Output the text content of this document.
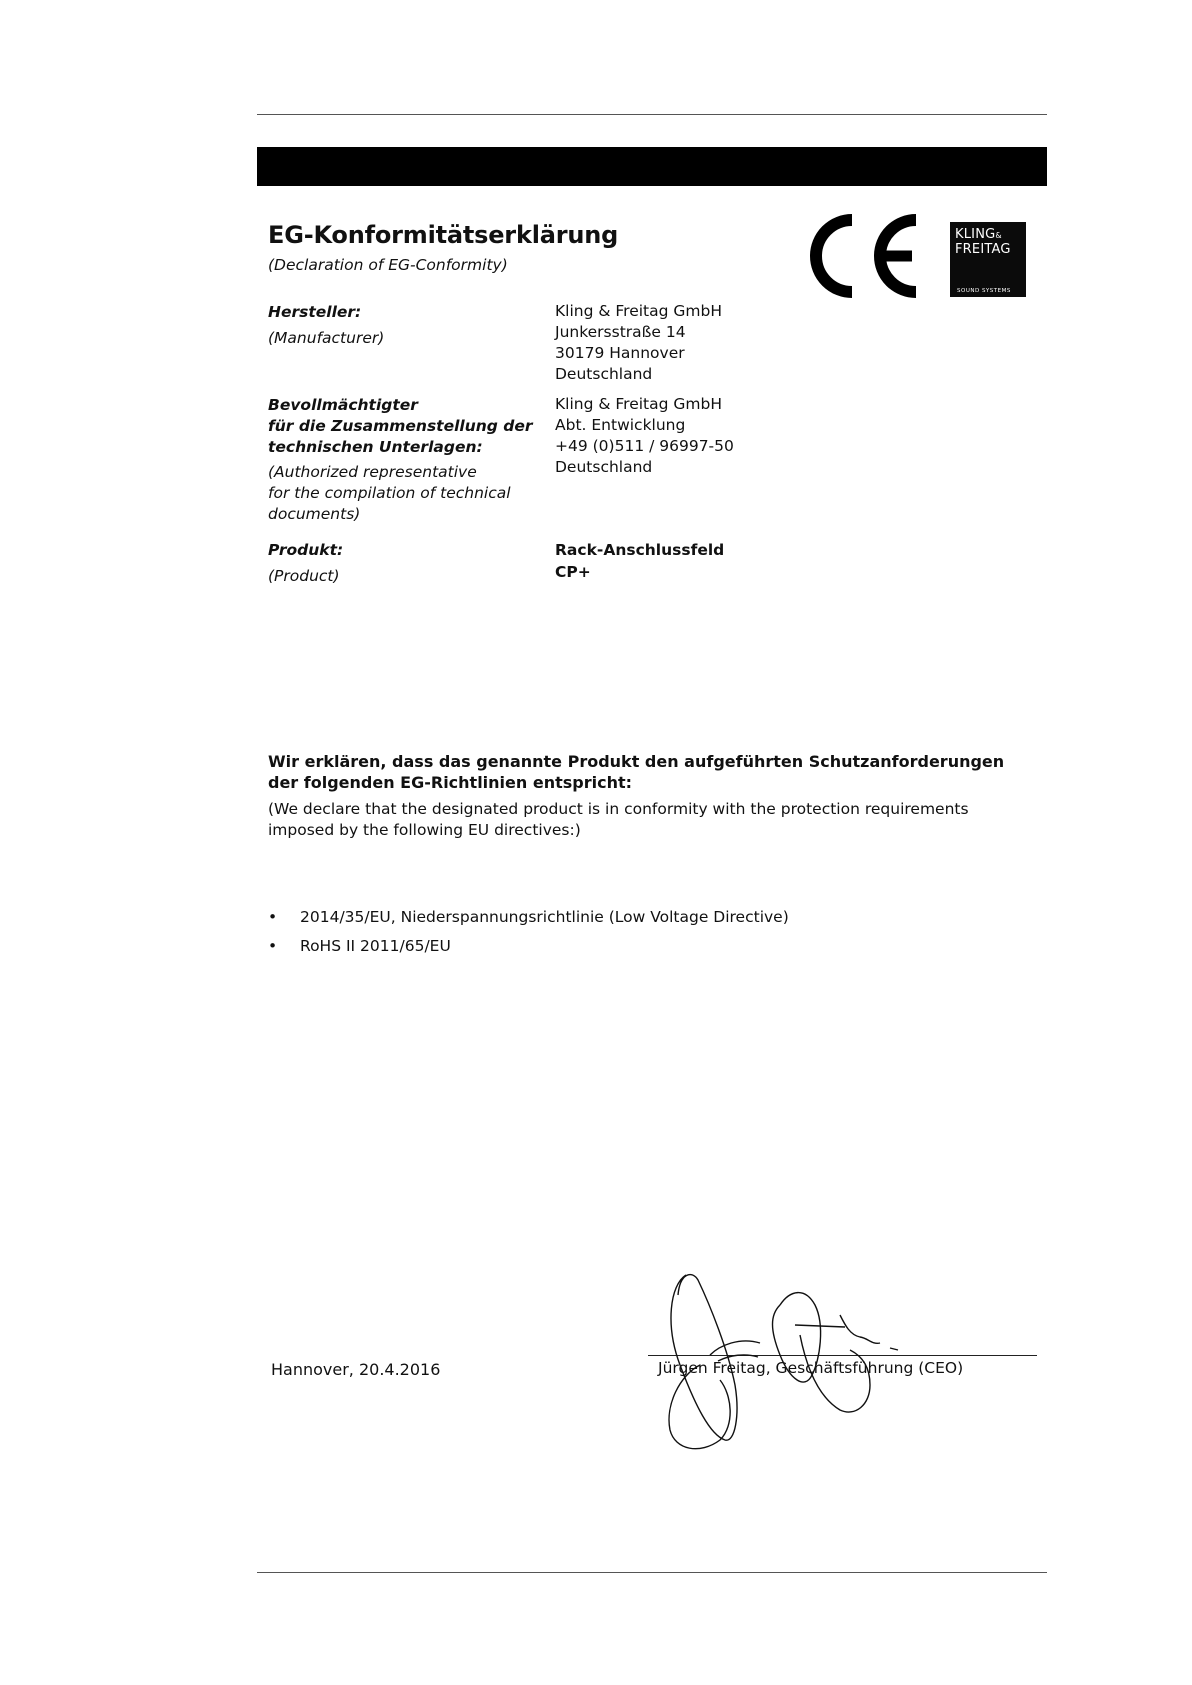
EG-Konformitätserklärung
(Declaration of EG-Conformity)
KLING&
FREITAG
SOUND SYSTEMS
Hersteller:
(Manufacturer)
Kling & Freitag GmbH
Junkersstraße 14
30179 Hannover
Deutschland
Bevollmächtigter
für die Zusammenstellung der
technischen Unterlagen:
(Authorized representative
for the compilation of technical
documents)
Kling & Freitag GmbH
Abt. Entwicklung
+49 (0)511 / 96997-50
Deutschland
Produkt:
(Product)
Rack-Anschlussfeld
CP+
Wir erklären, dass das genannte Produkt den aufgeführten Schutzanforderungen der folgenden EG-Richtlinien entspricht:
(We declare that the designated product is in conformity with the protection requirements imposed by the following EU directives:)
• 2014/35/EU, Niederspannungsrichtlinie (Low Voltage Directive)
• RoHS II 2011/65/EU
Hannover, 20.4.2016	Jürgen Freitag, Geschäftsführung (CEO)
